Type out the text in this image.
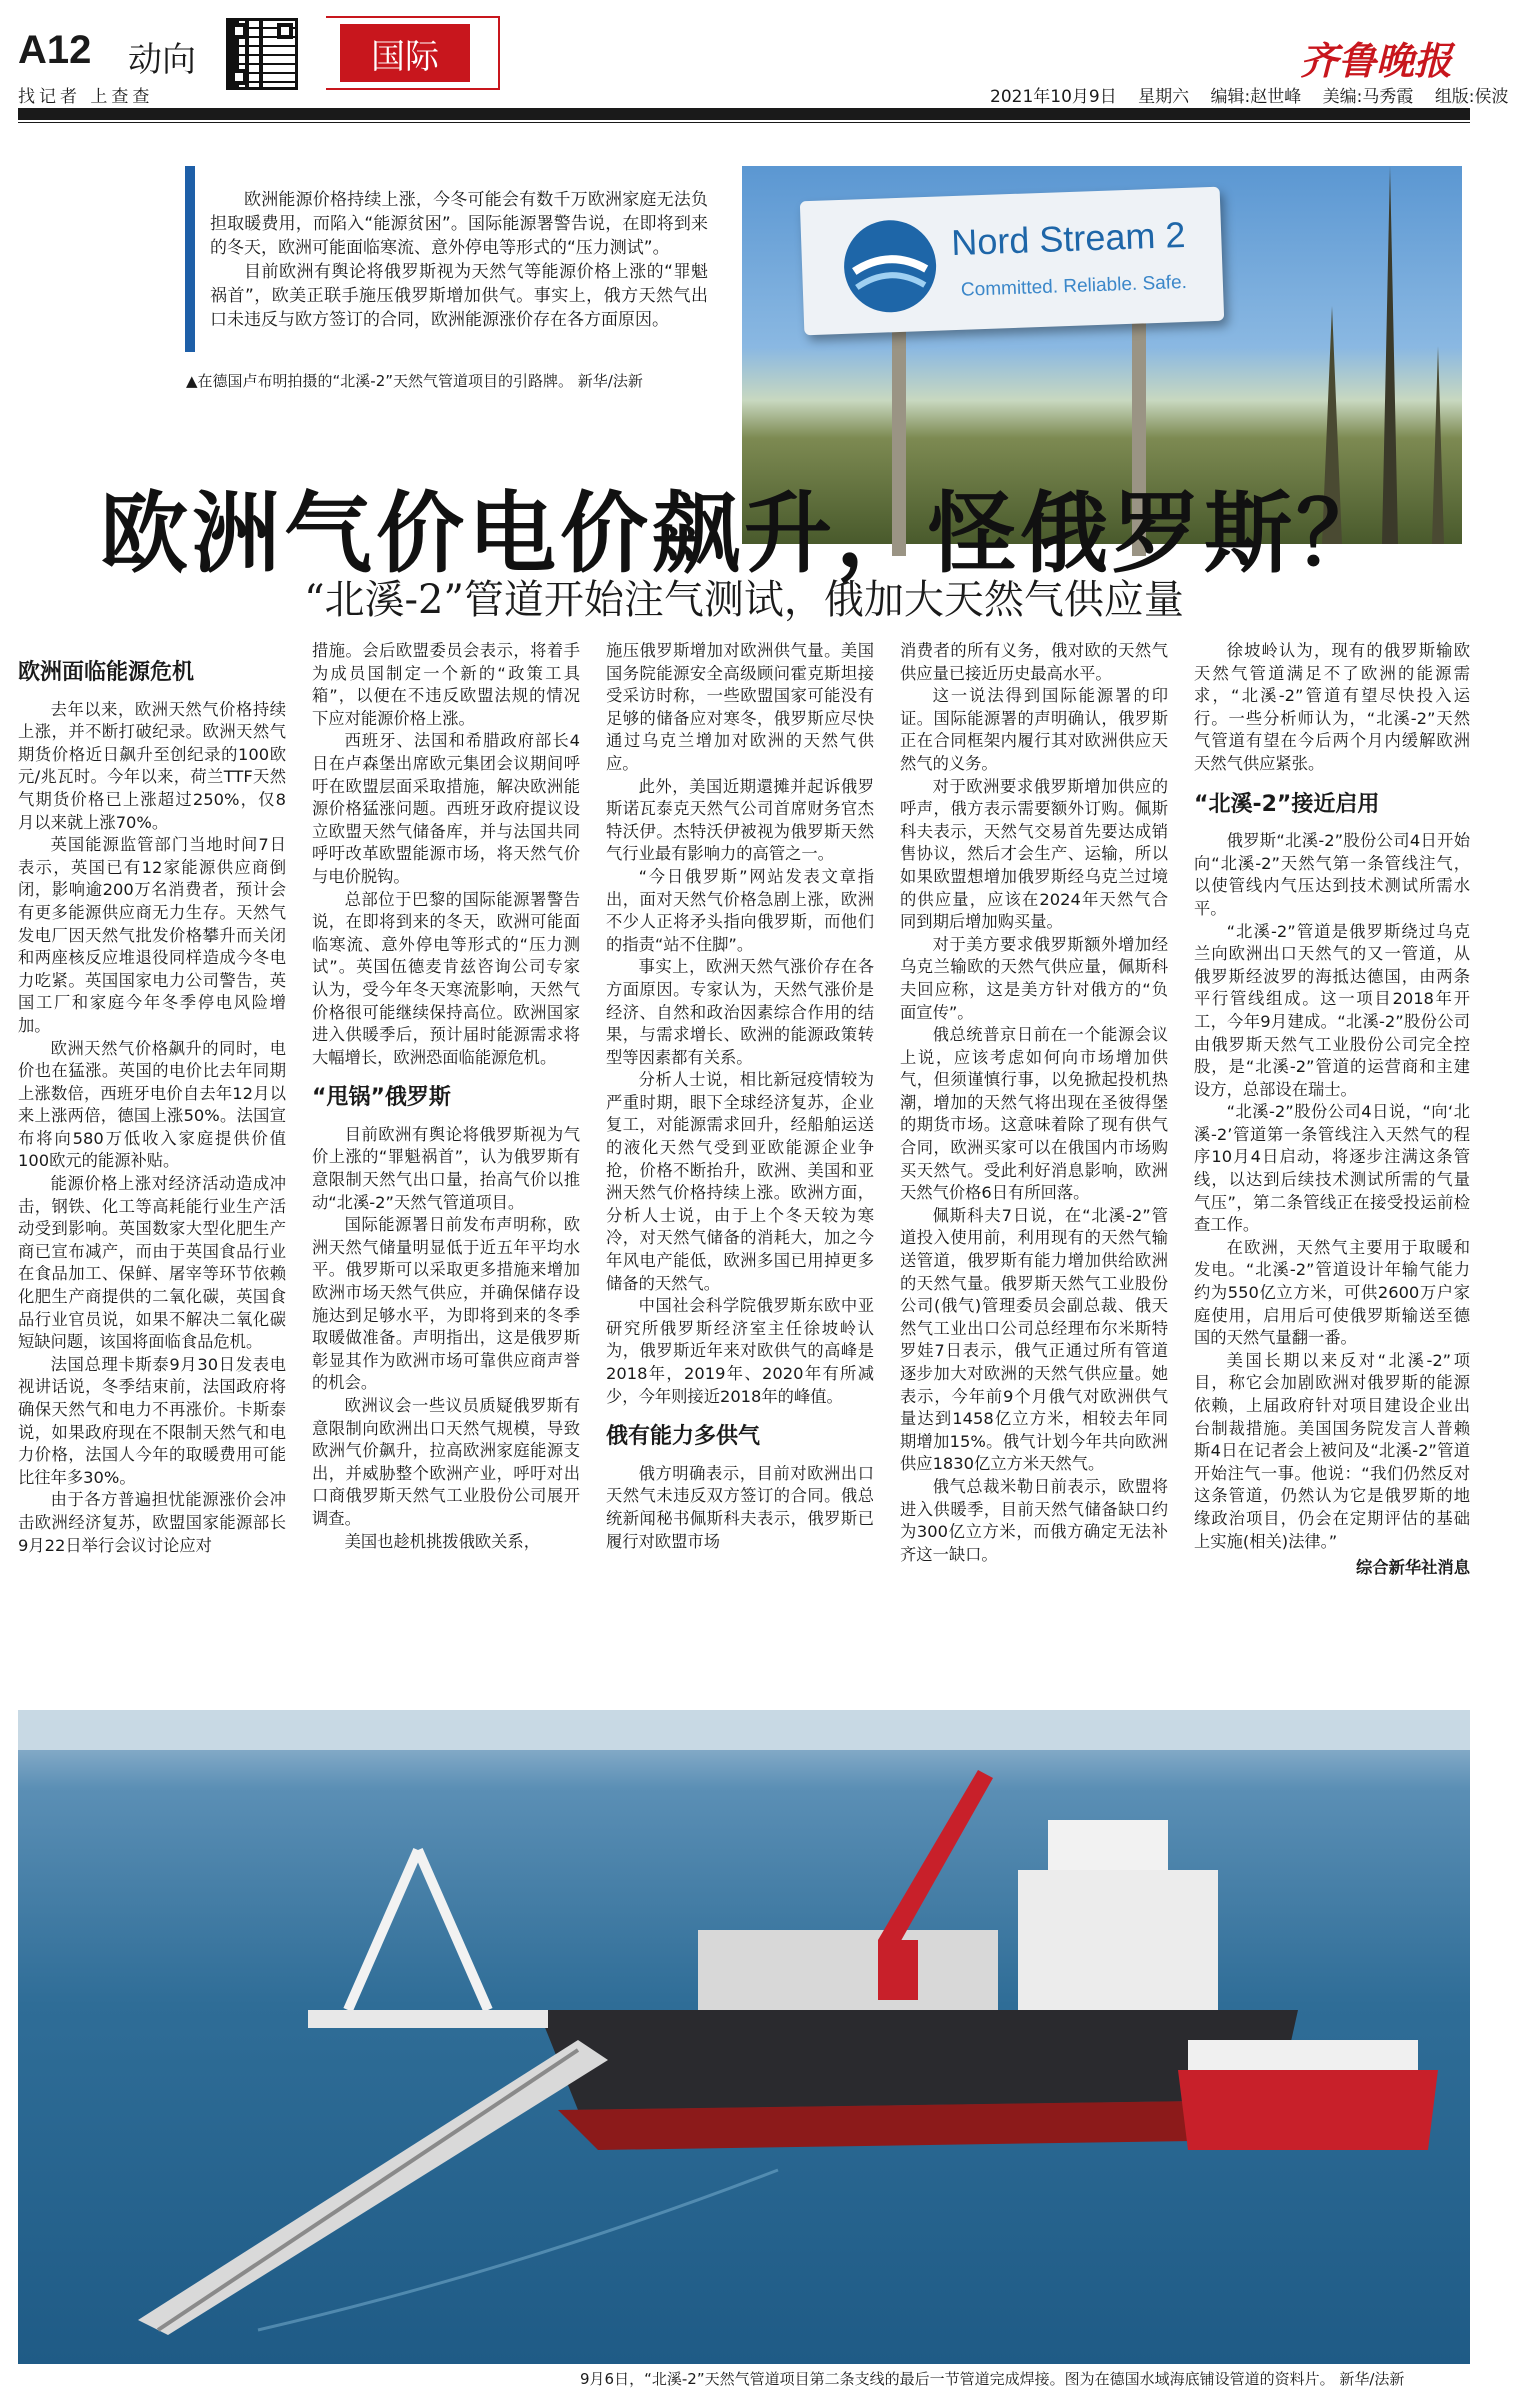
A12 动向
找记者 上查查
国际	齐鲁晚报
2021年10月9日 星期六 编辑:赵世峰 美编:马秀霞 组版:侯波

欧洲能源价格持续上涨，今冬可能会有数千万欧洲家庭无法负担取暖费用，而陷入“能源贫困”。国际能源署警告说，在即将到来的冬天，欧洲可能面临寒流、意外停电等形式的“压力测试”。

目前欧洲有舆论将俄罗斯视为天然气等能源价格上涨的“罪魁祸首”，欧美正联手施压俄罗斯增加供气。事实上，俄方天然气出口未违反与欧方签订的合同，欧洲能源涨价存在各方面原因。

Nord Stream 2
Committed. Reliable. Safe.
▲在德国卢布明拍摄的“北溪-2”天然气管道项目的引路牌。 新华/法新
欧洲气价电价飙升，怪俄罗斯？
“北溪-2”管道开始注气测试，俄加大天然气供应量
欧洲面临能源危机

去年以来，欧洲天然气价格持续上涨，并不断打破纪录。欧洲天然气期货价格近日飙升至创纪录的100欧元/兆瓦时。今年以来，荷兰TTF天然气期货价格已上涨超过250%，仅8月以来就上涨70%。

英国能源监管部门当地时间7日表示，英国已有12家能源供应商倒闭，影响逾200万名消费者，预计会有更多能源供应商无力生存。天然气发电厂因天然气批发价格攀升而关闭和两座核反应堆退役同样造成今冬电力吃紧。英国国家电力公司警告，英国工厂和家庭今年冬季停电风险增加。

欧洲天然气价格飙升的同时，电价也在猛涨。英国的电价比去年同期上涨数倍，西班牙电价自去年12月以来上涨两倍，德国上涨50%。法国宣布将向580万低收入家庭提供价值100欧元的能源补贴。

能源价格上涨对经济活动造成冲击，钢铁、化工等高耗能行业生产活动受到影响。英国数家大型化肥生产商已宣布减产，而由于英国食品行业在食品加工、保鲜、屠宰等环节依赖化肥生产商提供的二氧化碳，英国食品行业官员说，如果不解决二氧化碳短缺问题，该国将面临食品危机。

法国总理卡斯泰9月30日发表电视讲话说，冬季结束前，法国政府将确保天然气和电力不再涨价。卡斯泰说，如果政府现在不限制天然气和电力价格，法国人今年的取暖费用可能比往年多30%。

由于各方普遍担忧能源涨价会冲击欧洲经济复苏，欧盟国家能源部长9月22日举行会议讨论应对

措施。会后欧盟委员会表示，将着手为成员国制定一个新的“政策工具箱”，以便在不违反欧盟法规的情况下应对能源价格上涨。

西班牙、法国和希腊政府部长4日在卢森堡出席欧元集团会议期间呼吁在欧盟层面采取措施，解决欧洲能源价格猛涨问题。西班牙政府提议设立欧盟天然气储备库，并与法国共同呼吁改革欧盟能源市场，将天然气价与电价脱钩。

总部位于巴黎的国际能源署警告说，在即将到来的冬天，欧洲可能面临寒流、意外停电等形式的“压力测试”。英国伍德麦肯兹咨询公司专家认为，受今年冬天寒流影响，天然气价格很可能继续保持高位。欧洲国家进入供暖季后，预计届时能源需求将大幅增长，欧洲恐面临能源危机。

“甩锅”俄罗斯

目前欧洲有舆论将俄罗斯视为气价上涨的“罪魁祸首”，认为俄罗斯有意限制天然气出口量，抬高气价以推动“北溪-2”天然气管道项目。

国际能源署日前发布声明称，欧洲天然气储量明显低于近五年平均水平。俄罗斯可以采取更多措施来增加欧洲市场天然气供应，并确保储存设施达到足够水平，为即将到来的冬季取暖做准备。声明指出，这是俄罗斯彰显其作为欧洲市场可靠供应商声誉的机会。

欧洲议会一些议员质疑俄罗斯有意限制向欧洲出口天然气规模，导致欧洲气价飙升，拉高欧洲家庭能源支出，并威胁整个欧洲产业，呼吁对出口商俄罗斯天然气工业股份公司展开调查。

美国也趁机挑拨俄欧关系，

施压俄罗斯增加对欧洲供气量。美国国务院能源安全高级顾问霍克斯坦接受采访时称，一些欧盟国家可能没有足够的储备应对寒冬，俄罗斯应尽快通过乌克兰增加对欧洲的天然气供应。

此外，美国近期還摊并起诉俄罗斯诺瓦泰克天然气公司首席财务官杰特沃伊。杰特沃伊被视为俄罗斯天然气行业最有影响力的高管之一。

“今日俄罗斯”网站发表文章指出，面对天然气价格急剧上涨，欧洲不少人正将矛头指向俄罗斯，而他们的指责“站不住脚”。

事实上，欧洲天然气涨价存在各方面原因。专家认为，天然气涨价是经济、自然和政治因素综合作用的结果，与需求增长、欧洲的能源政策转型等因素都有关系。

分析人士说，相比新冠疫情较为严重时期，眼下全球经济复苏，企业复工，对能源需求回升，经船舶运送的液化天然气受到亚欧能源企业争抢，价格不断抬升，欧洲、美国和亚洲天然气价格持续上涨。欧洲方面，分析人士说，由于上个冬天较为寒冷，对天然气储备的消耗大，加之今年风电产能低，欧洲多国已用掉更多储备的天然气。

中国社会科学院俄罗斯东欧中亚研究所俄罗斯经济室主任徐坡岭认为，俄罗斯近年来对欧供气的高峰是2018年，2019年、2020年有所减少，今年则接近2018年的峰值。

俄有能力多供气

俄方明确表示，目前对欧洲出口天然气未违反双方签订的合同。俄总统新闻秘书佩斯科夫表示，俄罗斯已履行对欧盟市场

消费者的所有义务，俄对欧的天然气供应量已接近历史最高水平。

这一说法得到国际能源署的印证。国际能源署的声明确认，俄罗斯正在合同框架内履行其对欧洲供应天然气的义务。

对于欧洲要求俄罗斯增加供应的呼声，俄方表示需要额外订购。佩斯科夫表示，天然气交易首先要达成销售协议，然后才会生产、运输，所以如果欧盟想增加俄罗斯经乌克兰过境的供应量，应该在2024年天然气合同到期后增加购买量。

对于美方要求俄罗斯额外增加经乌克兰输欧的天然气供应量，佩斯科夫回应称，这是美方针对俄方的“负面宣传”。

俄总统普京日前在一个能源会议上说，应该考虑如何向市场增加供气，但须谨慎行事，以免掀起投机热潮，增加的天然气将出现在圣彼得堡的期货市场。这意味着除了现有供气合同，欧洲买家可以在俄国内市场购买天然气。受此利好消息影响，欧洲天然气价格6日有所回落。

佩斯科夫7日说，在“北溪-2”管道投入使用前，利用现有的天然气输送管道，俄罗斯有能力增加供给欧洲的天然气量。俄罗斯天然气工业股份公司(俄气)管理委员会副总裁、俄天然气工业出口公司总经理布尔米斯特罗娃7日表示，俄气正通过所有管道逐步加大对欧洲的天然气供应量。她表示，今年前9个月俄气对欧洲供气量达到1458亿立方米，相较去年同期增加15%。俄气计划今年共向欧洲供应1830亿立方米天然气。

俄气总裁米勒日前表示，欧盟将进入供暖季，目前天然气储备缺口约为300亿立方米，而俄方确定无法补齐这一缺口。

徐坡岭认为，现有的俄罗斯输欧天然气管道满足不了欧洲的能源需求，“北溪-2”管道有望尽快投入运行。一些分析师认为，“北溪-2”天然气管道有望在今后两个月内缓解欧洲天然气供应紧张。

“北溪-2”接近启用

俄罗斯“北溪-2”股份公司4日开始向“北溪-2”天然气第一条管线注气，以使管线内气压达到技术测试所需水平。

“北溪-2”管道是俄罗斯绕过乌克兰向欧洲出口天然气的又一管道，从俄罗斯经波罗的海抵达德国，由两条平行管线组成。这一项目2018年开工，今年9月建成。“北溪-2”股份公司由俄罗斯天然气工业股份公司完全控股，是“北溪-2”管道的运营商和主建设方，总部设在瑞士。

“北溪-2”股份公司4日说，“向‘北溪-2’管道第一条管线注入天然气的程序10月4日启动，将逐步注满这条管线，以达到后续技术测试所需的气量气压”，第二条管线正在接受投运前检查工作。

在欧洲，天然气主要用于取暖和发电。“北溪-2”管道设计年输气能力约为550亿立方米，可供2600万户家庭使用，启用后可使俄罗斯输送至德国的天然气量翻一番。

美国长期以来反对“北溪-2”项目，称它会加剧欧洲对俄罗斯的能源依赖，上届政府针对项目建设企业出台制裁措施。美国国务院发言人普赖斯4日在记者会上被问及“北溪-2”管道开始注气一事。他说：“我们仍然反对这条管道，仍然认为它是俄罗斯的地缘政治项目，仍会在定期评估的基础上实施(相关)法律。”

综合新华社消息

9月6日，“北溪-2”天然气管道项目第二条支线的最后一节管道完成焊接。图为在德国水域海底铺设管道的资料片。 新华/法新
